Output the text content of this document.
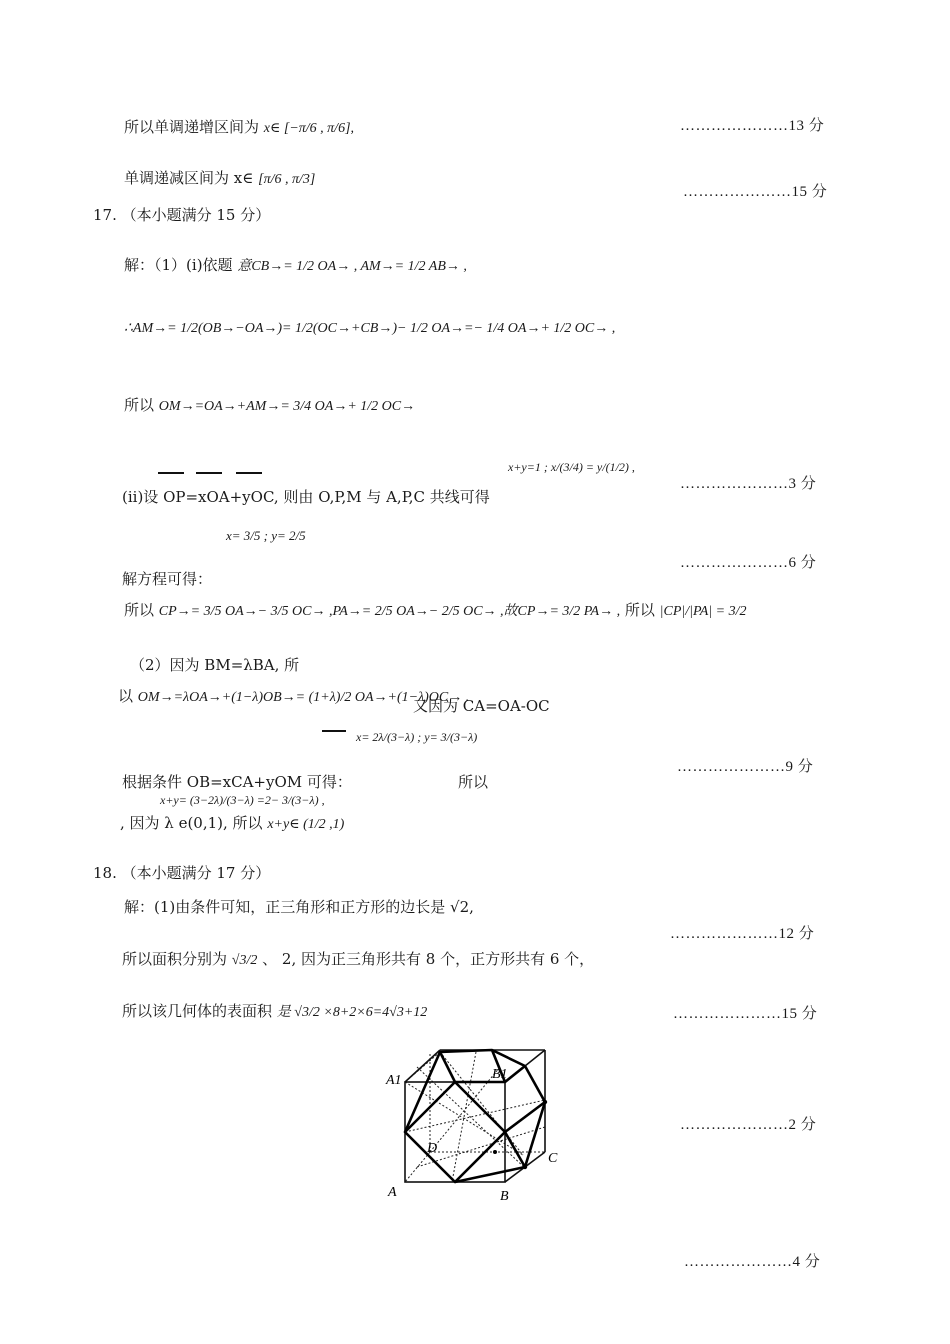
所以单调递增区间为 x∈ [−π/6 , π/6],	…………………13 分
单调递减区间为 x∈ [π/6 , π/3]
…………………15 分
17. （本小题满分 15 分）
解：（1）(i)依题 意CB→= 1/2 OA→ , AM→= 1/2 AB→ ,
∴AM→= 1/2(OB→−OA→)= 1/2(OC→+CB→)− 1/2 OA→=− 1/4 OA→+ 1/2 OC→ ,
所以 OM→=OA→+AM→= 3/4 OA→+ 1/2 OC→
x+y=1 ; x/(3/4) = y/(1/2) ,
…………………3 分
(ii)设 OP=xOA+yOC, 则由 O,P,M 与 A,P,C 共线可得
x= 3/5 ; y= 2/5
…………………6 分
解方程可得：
所以 CP→= 3/5 OA→− 3/5 OC→ ,PA→= 2/5 OA→− 2/5 OC→ ,故CP→= 3/2 PA→ , 所以 |CP|/|PA| = 3/2
（2）因为 BM=λBA, 所
以 OM→=λOA→+(1−λ)OB→= (1+λ)/2 OA→+(1−λ)OC→ .
又因为 CA=OA-OC
x= 2λ/(3−λ) ; y= 3/(3−λ)
…………………9 分
根据条件 OB=xCA+yOM 可得：	所以
x+y= (3−2λ)/(3−λ) =2− 3/(3−λ) ,
, 因为 λ e(0,1), 所以 x+y∈ (1/2 ,1)
18. （本小题满分 17 分）
解：(1)由条件可知，正三角形和正方形的边长是 √2,
…………………12 分
所以面积分别为 √3/2 、 2, 因为正三角形共有 8 个，正方形共有 6 个，
所以该几何体的表面积 是 √3/2 ×8+2×6=4√3+12	…………………15 分
A1	B1
D
C
A	B
…………………2 分
…………………4 分
